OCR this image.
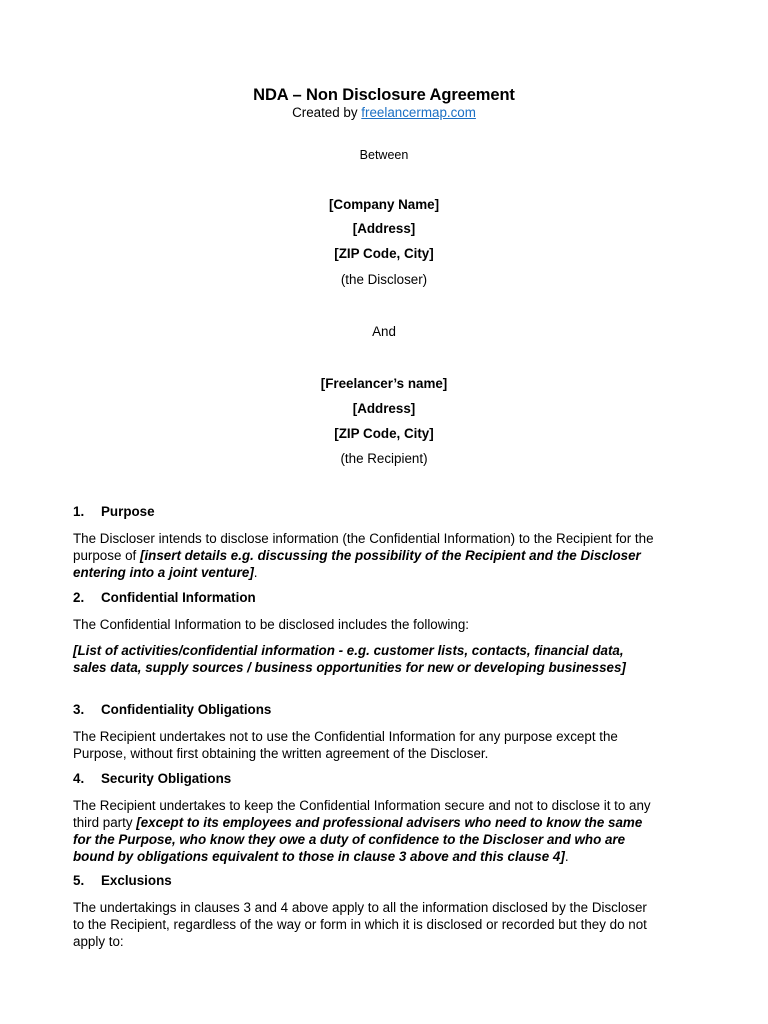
NDA – Non Disclosure Agreement
Created by freelancermap.com
Between
[Company Name]
[Address]
[ZIP Code, City]
(the Discloser)
And
[Freelancer’s name]
[Address]
[ZIP Code, City]
(the Recipient)
1. Purpose
The Discloser intends to disclose information (the Confidential Information) to the Recipient for the
purpose of [insert details e.g. discussing the possibility of the Recipient and the Discloser
entering into a joint venture].
2. Confidential Information
The Confidential Information to be disclosed includes the following:
[List of activities/confidential information - e.g. customer lists, contacts, financial data,
sales data, supply sources / business opportunities for new or developing businesses]
3. Confidentiality Obligations
The Recipient undertakes not to use the Confidential Information for any purpose except the
Purpose, without first obtaining the written agreement of the Discloser.
4. Security Obligations
The Recipient undertakes to keep the Confidential Information secure and not to disclose it to any
third party [except to its employees and professional advisers who need to know the same
for the Purpose, who know they owe a duty of confidence to the Discloser and who are
bound by obligations equivalent to those in clause 3 above and this clause 4].
5. Exclusions
The undertakings in clauses 3 and 4 above apply to all the information disclosed by the Discloser
to the Recipient, regardless of the way or form in which it is disclosed or recorded but they do not
apply to:
